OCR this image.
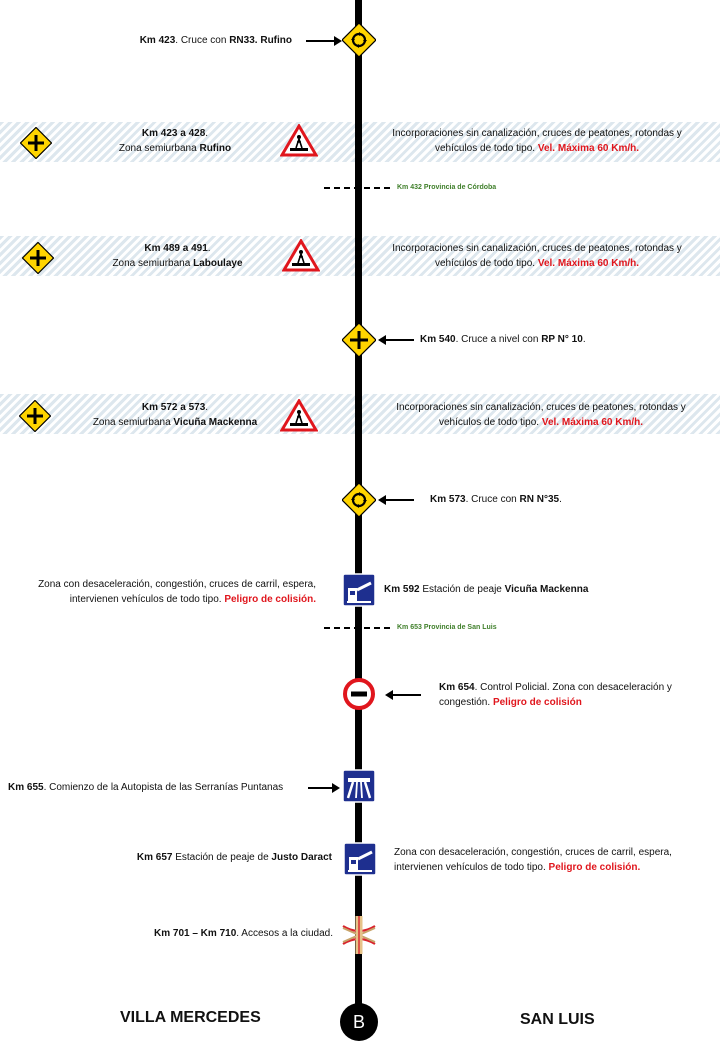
Km 423. Cruce con RN33. Rufino
Km 423 a 428.
Zona semiurbana Rufino
Incorporaciones sin canalización, cruces de peatones, rotondas y
vehículos de todo tipo. Vel. Máxima 60 Km/h.
Km 432 Provincia de Córdoba
Km 489 a 491.
Zona semiurbana Laboulaye
Incorporaciones sin canalización, cruces de peatones, rotondas y
vehículos de todo tipo. Vel. Máxima 60 Km/h.
Km 540. Cruce a nivel con RP N° 10.
Km 572 a 573.
Zona semiurbana Vicuña Mackenna
Incorporaciones sin canalización, cruces de peatones, rotondas y
vehículos de todo tipo. Vel. Máxima 60 Km/h.
Km 573. Cruce con RN N°35.
Zona con desaceleración, congestión, cruces de carril, espera,
intervienen vehículos de todo tipo. Peligro de colisión.
Km 592 Estación de peaje Vicuña Mackenna
Km 653 Provincia de San Luis
Km 654. Control Policial. Zona con desaceleración y
congestión. Peligro de colisión
Km 655. Comienzo de la Autopista de las Serranías Puntanas
Km 657 Estación de peaje de Justo Daract	Zona con desaceleración, congestión, cruces de carril, espera,
intervienen vehículos de todo tipo. Peligro de colisión.
Km 701 – Km 710. Accesos a la ciudad.
VILLA MERCEDES	B	SAN LUIS
